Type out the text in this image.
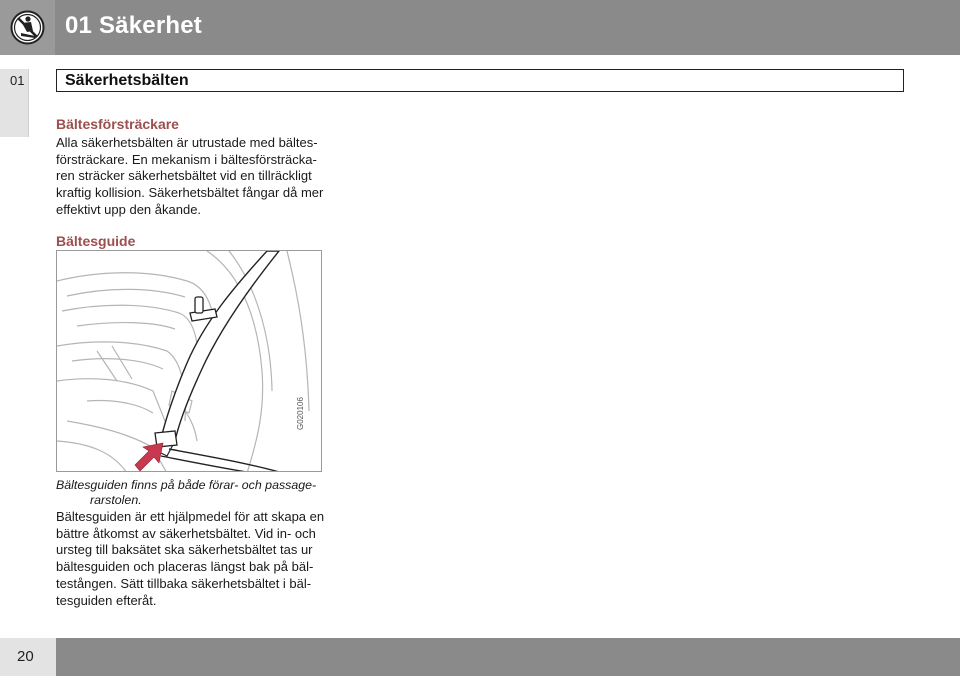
01 Säkerhet
01	Säkerhetsbälten
Bältesförsträckare
Alla säkerhetsbälten är utrustade med bältes-
försträckare. En mekanism i bältesförsträcka-
ren sträcker säkerhetsbältet vid en tillräckligt
kraftig kollision. Säkerhetsbältet fångar då mer
effektivt upp den åkande.
Bältesguide
G020106
Bältesguiden finns på både förar- och passage-
rarstolen.
Bältesguiden är ett hjälpmedel för att skapa en
bättre åtkomst av säkerhetsbältet. Vid in- och
ursteg till baksätet ska säkerhetsbältet tas ur
bältesguiden och placeras längst bak på bäl-
testången. Sätt tillbaka säkerhetsbältet i bäl-
tesguiden efteråt.
20
